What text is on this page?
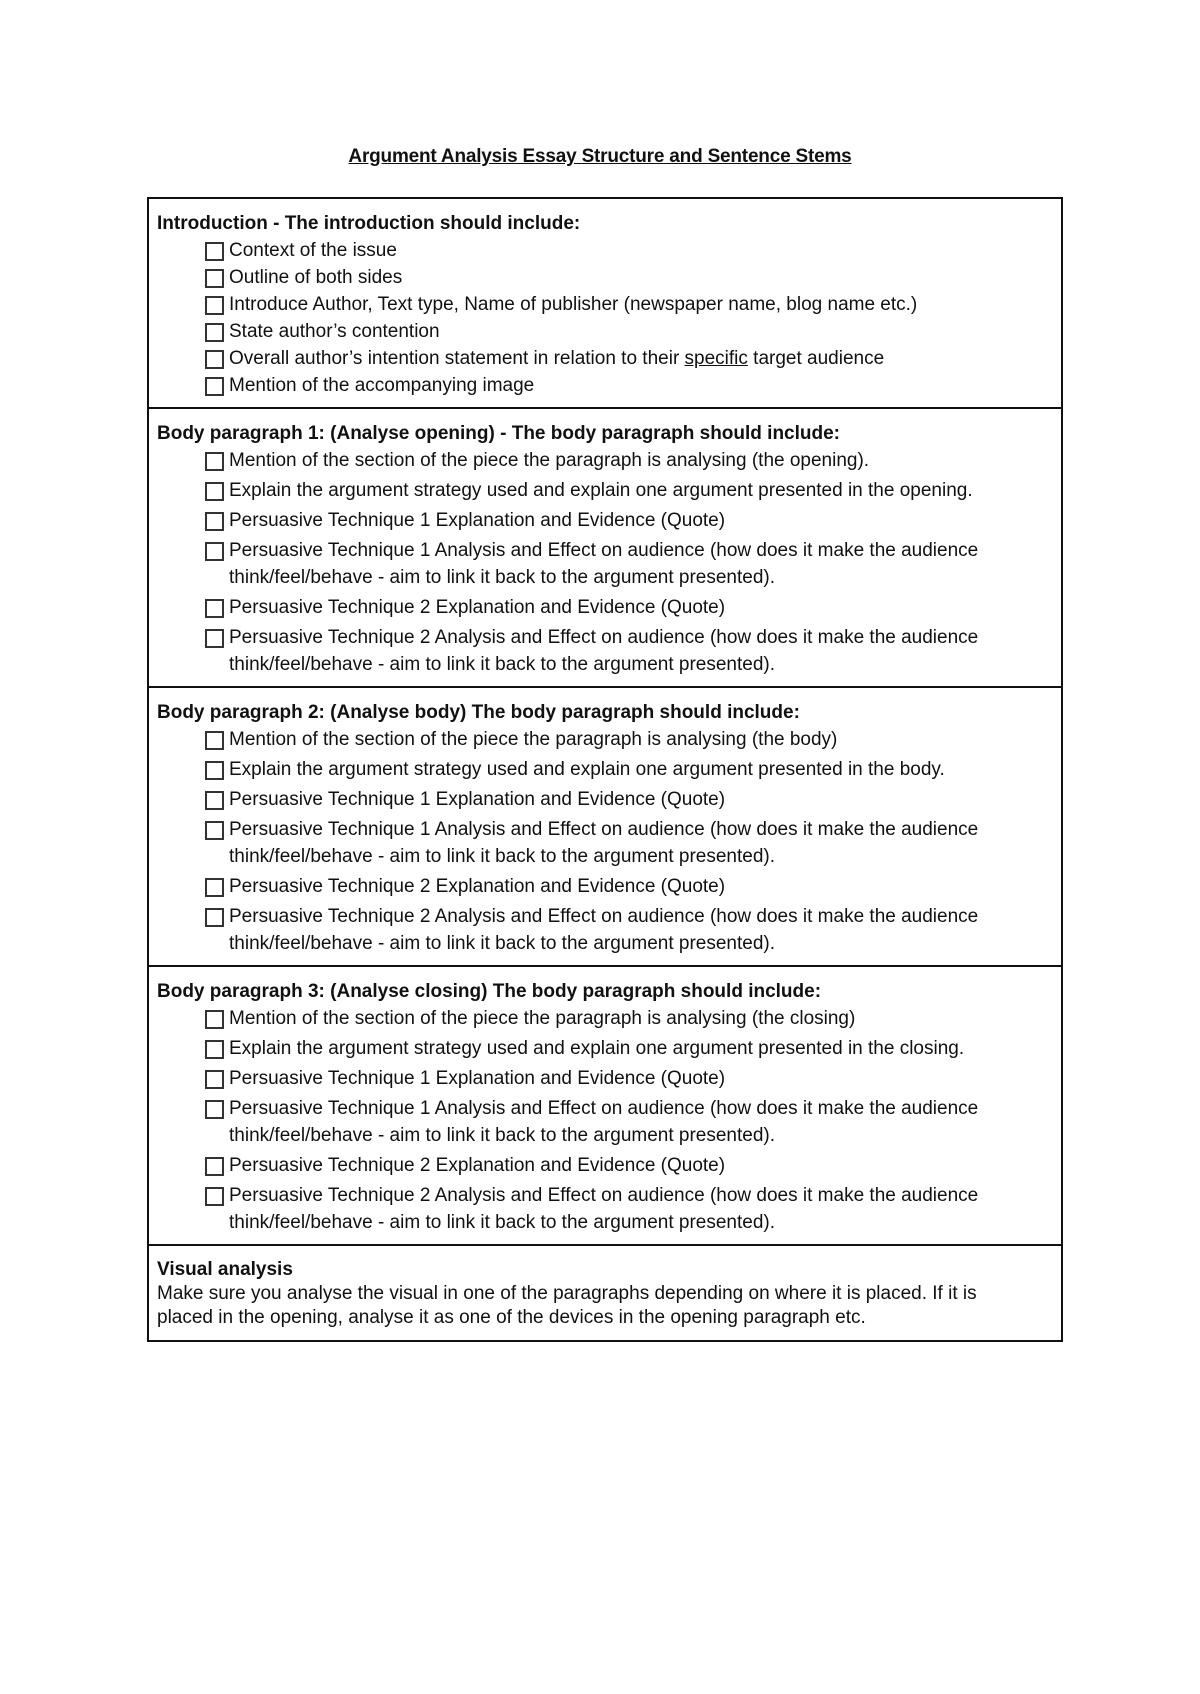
Argument Analysis Essay Structure and Sentence Stems
Introduction - The introduction should include:
Context of the issue
Outline of both sides
Introduce Author, Text type, Name of publisher (newspaper name, blog name etc.)
State author’s contention
Overall author’s intention statement in relation to their specific target audience
Mention of the accompanying image
Body paragraph 1: (Analyse opening) - The body paragraph should include:
Mention of the section of the piece the paragraph is analysing (the opening).
Explain the argument strategy used and explain one argument presented in the opening.
Persuasive Technique 1 Explanation and Evidence (Quote)
Persuasive Technique 1 Analysis and Effect on audience (how does it make the audience think/feel/behave - aim to link it back to the argument presented).
Persuasive Technique 2 Explanation and Evidence (Quote)
Persuasive Technique 2 Analysis and Effect on audience (how does it make the audience think/feel/behave - aim to link it back to the argument presented).
Body paragraph 2: (Analyse body) The body paragraph should include:
Mention of the section of the piece the paragraph is analysing (the body)
Explain the argument strategy used and explain one argument presented in the body.
Persuasive Technique 1 Explanation and Evidence (Quote)
Persuasive Technique 1 Analysis and Effect on audience (how does it make the audience think/feel/behave - aim to link it back to the argument presented).
Persuasive Technique 2 Explanation and Evidence (Quote)
Persuasive Technique 2 Analysis and Effect on audience (how does it make the audience think/feel/behave - aim to link it back to the argument presented).
Body paragraph 3: (Analyse closing) The body paragraph should include:
Mention of the section of the piece the paragraph is analysing (the closing)
Explain the argument strategy used and explain one argument presented in the closing.
Persuasive Technique 1 Explanation and Evidence (Quote)
Persuasive Technique 1 Analysis and Effect on audience (how does it make the audience think/feel/behave - aim to link it back to the argument presented).
Persuasive Technique 2 Explanation and Evidence (Quote)
Persuasive Technique 2 Analysis and Effect on audience (how does it make the audience think/feel/behave - aim to link it back to the argument presented).
Visual analysis
Make sure you analyse the visual in one of the paragraphs depending on where it is placed. If it is placed in the opening, analyse it as one of the devices in the opening paragraph etc.
